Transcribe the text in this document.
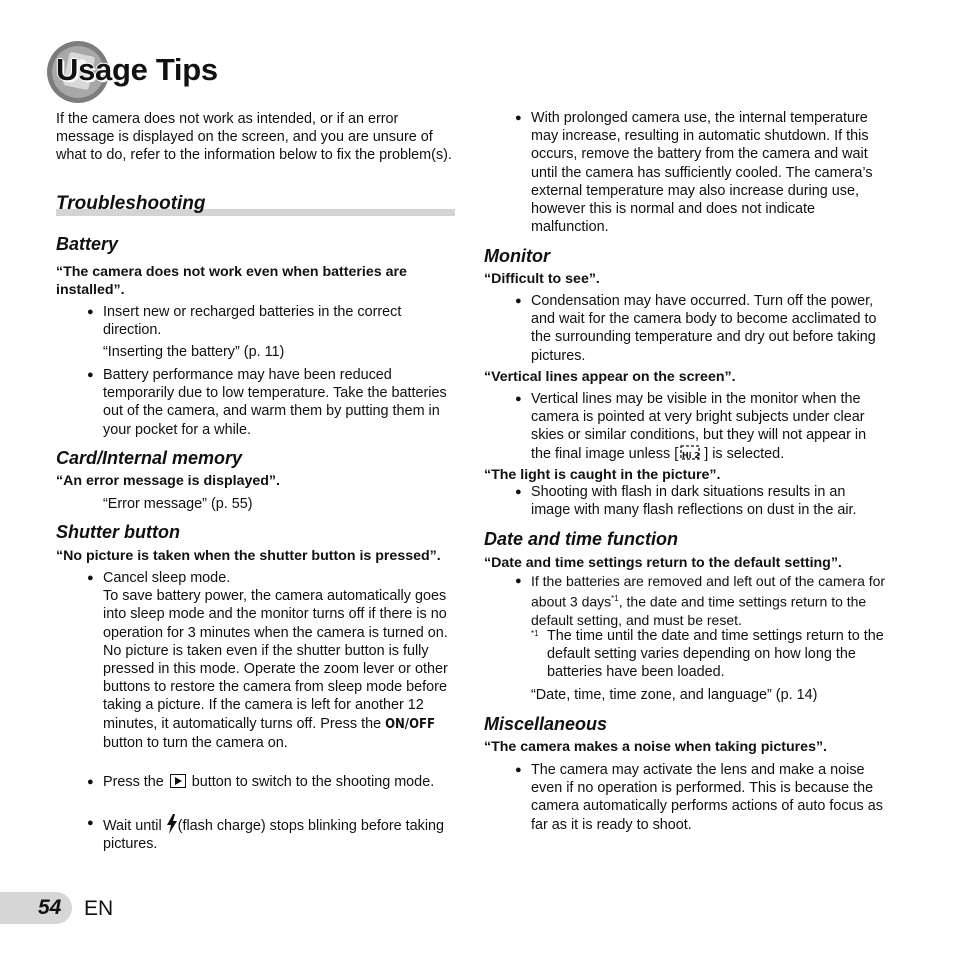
Usage Tips
If the camera does not work as intended, or if an error message is displayed on the screen, and you are unsure of what to do, refer to the information below to fix the problem(s).
Troubleshooting
Battery
“The camera does not work even when batteries are installed”.
● Insert new or recharged batteries in the correct direction.
“Inserting the battery” (p. 11)
● Battery performance may have been reduced temporarily due to low temperature. Take the batteries out of the camera, and warm them by putting them in your pocket for a while.
Card/Internal memory
“An error message is displayed”.
“Error message” (p. 55)
Shutter button
“No picture is taken when the shutter button is pressed”.
● Cancel sleep mode.
To save battery power, the camera automatically goes into sleep mode and the monitor turns off if there is no operation for 3 minutes when the camera is turned on. No picture is taken even if the shutter button is fully pressed in this mode. Operate the zoom lever or other buttons to restore the camera from sleep mode before taking a picture. If the camera is left for another 12 minutes, it automatically turns off. Press the ON/OFF button to turn the camera on.
● Press the button to switch to the shooting mode.
● Wait until (flash charge) stops blinking before taking pictures.
● With prolonged camera use, the internal temperature may increase, resulting in automatic shutdown. If this occurs, remove the battery from the camera and wait until the camera has sufficiently cooled. The camera’s external temperature may also increase during use, however this is normal and does not indicate malfunction.
Monitor
“Difficult to see”.
● Condensation may have occurred. Turn off the power, and wait for the camera body to become acclimated to the surrounding temperature and dry out before taking pictures.
“Vertical lines appear on the screen”.
● Vertical lines may be visible in the monitor when the camera is pointed at very bright subjects under clear skies or similar conditions, but they will not appear in the final image unless [ Hi 2 ] is selected.
“The light is caught in the picture”.
● Shooting with flash in dark situations results in an image with many flash reflections on dust in the air.
Date and time function
“Date and time settings return to the default setting”.
● If the batteries are removed and left out of the camera for about 3 days$^{*1}$, the date and time settings return to the default setting, and must be reset.
*1 The time until the date and time settings return to the default setting varies depending on how long the batteries have been loaded.
“Date, time, time zone, and language” (p. 14)
Miscellaneous
“The camera makes a noise when taking pictures”.
● The camera may activate the lens and make a noise even if no operation is performed. This is because the camera automatically performs actions of auto focus as far as it is ready to shoot.
54 EN
